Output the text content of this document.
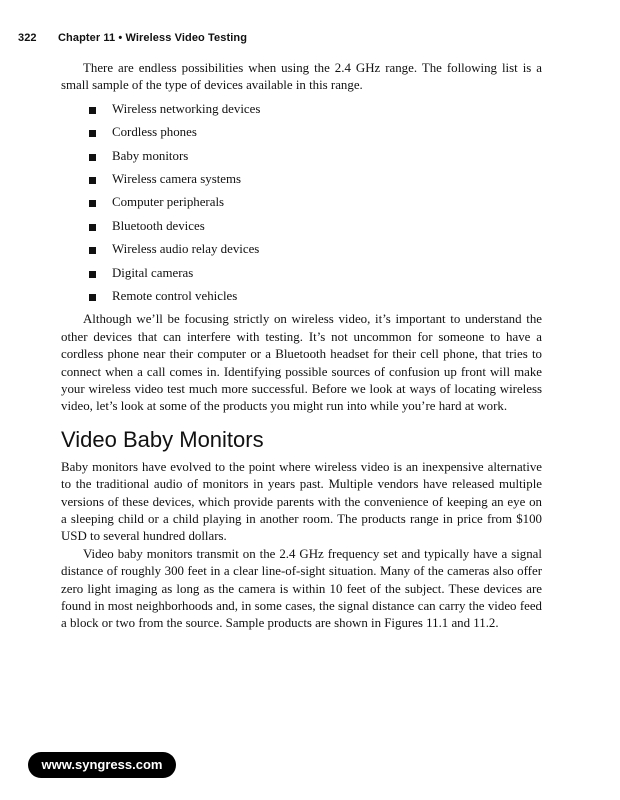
322 Chapter 11 • Wireless Video Testing

There are endless possibilities when using the 2.4 GHz range. The following list is a small sample of the type of devices available in this range.

Wireless networking devices
Cordless phones
Baby monitors
Wireless camera systems
Computer peripherals
Bluetooth devices
Wireless audio relay devices
Digital cameras
Remote control vehicles

Although we’ll be focusing strictly on wireless video, it’s important to understand the other devices that can interfere with testing. It’s not uncommon for someone to have a cordless phone near their computer or a Bluetooth headset for their cell phone, that tries to connect when a call comes in. Identifying possible sources of confusion up front will make your wireless video test much more successful. Before we look at ways of locating wireless video, let’s look at some of the products you might run into while you’re hard at work.

Video Baby Monitors

Baby monitors have evolved to the point where wireless video is an inexpensive alternative to the traditional audio of monitors in years past. Multiple vendors have released multiple versions of these devices, which provide parents with the convenience of keeping an eye on a sleeping child or a child playing in another room. The products range in price from $100 USD to several hundred dollars.

Video baby monitors transmit on the 2.4 GHz frequency set and typically have a signal distance of roughly 300 feet in a clear line-of-sight situation. Many of the cameras also offer zero light imaging as long as the camera is within 10 feet of the subject. These devices are found in most neighborhoods and, in some cases, the signal distance can carry the video feed a block or two from the source. Sample products are shown in Figures 11.1 and 11.2.

www.syngress.com
